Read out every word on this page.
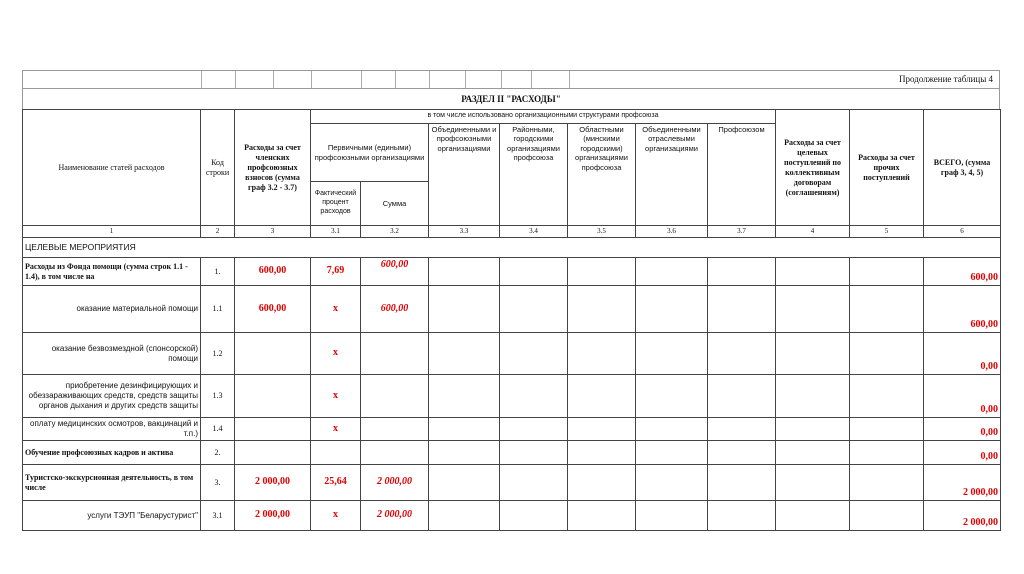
Продолжение таблицы 4
РАЗДЕЛ II "РАСХОДЫ"
Наименование статей расходов	Код строки	Расходы за счет членских профсоюзных взносов (сумма граф 3.2 - 3.7)	в том числе использовано организационными структурами профсоюза							Расходы за счет целевых поступлений по коллективным договорам (соглашениям)	Расходы за счет прочих поступлений	ВСЕГО, (сумма граф 3, 4, 5)
			Первичными (едиными) профсоюзными организациями		Объединенными и профсоюзными организациями	Районными, городскими организациями профсоюза	Областными (минскими городскими) организациями профсоюза	Объединенными отраслевыми организациями	Профсоюзом			
			Фактический процент расходов	Сумма								
1	2	3	3.1	3.2	3.3	3.4	3.5	3.6	3.7	4	5	6
ЦЕЛЕВЫЕ МЕРОПРИЯТИЯ												
Расходы из Фонда помощи (сумма строк 1.1 - 1.4), в том числе на	1.	600,00	7,69	600,00								600,00
оказание материальной помощи	1.1	600,00	х	600,00								600,00
оказание безвозмездной (спонсорской) помощи	1.2		х									0,00
приобретение дезинфицирующих и обеззараживающих средств, средств защиты органов дыхания и других средств защиты	1.3		х									0,00
оплату медицинских осмотров, вакцинаций и т.п.)	1.4		х									0,00
Обучение профсоюзных кадров и актива	2.											0,00
Туристско-экскурсионная деятельность, в том числе	3.	2 000,00	25,64	2 000,00								2 000,00
услуги ТЭУП "Беларустурист"	3.1	2 000,00	х	2 000,00								2 000,00
